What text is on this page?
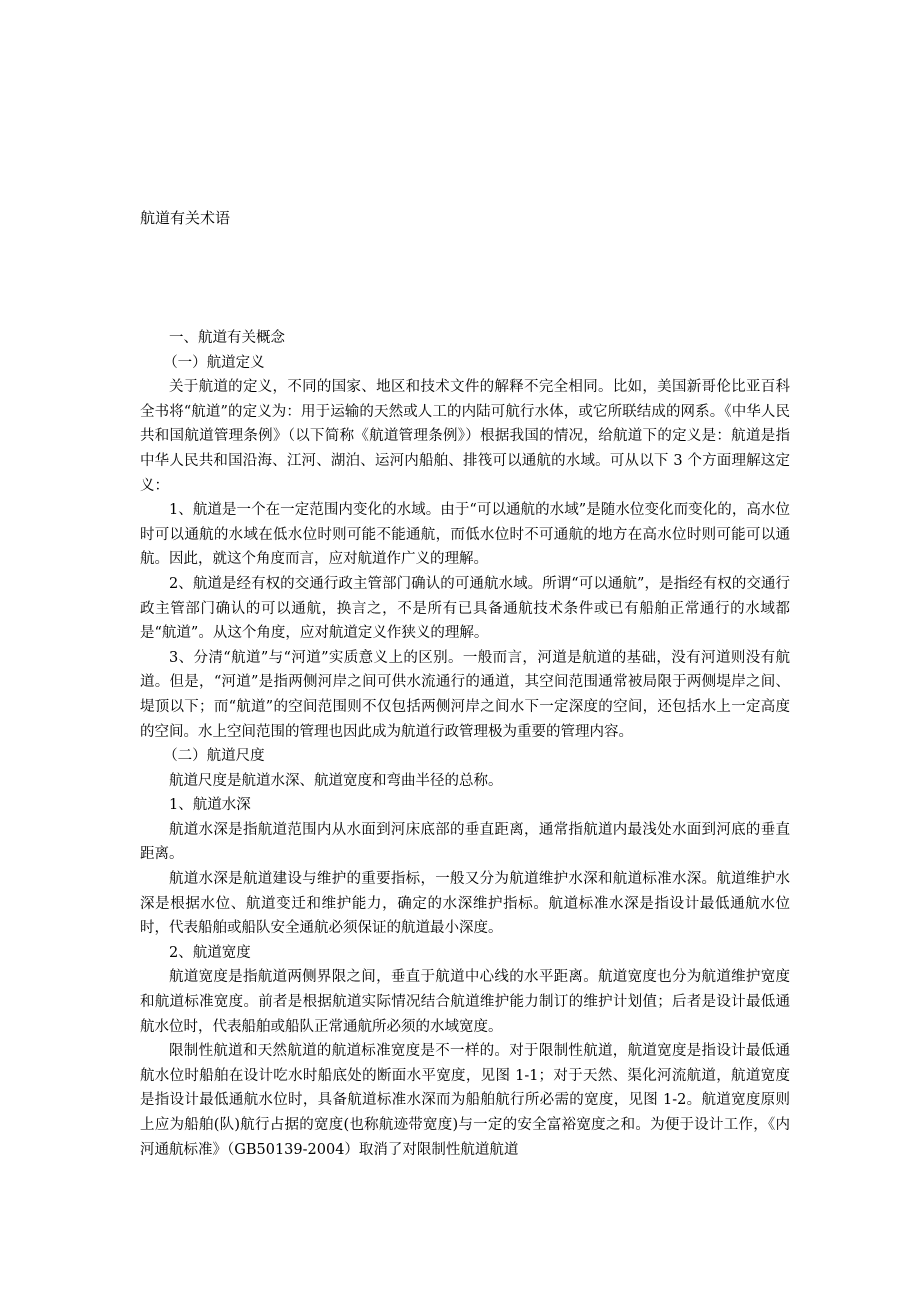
航道有关术语

一、航道有关概念

（一）航道定义

关于航道的定义，不同的国家、地区和技术文件的解释不完全相同。比如，美国新哥伦比亚百科全书将“航道”的定义为：用于运输的天然或人工的内陆可航行水体，或它所联结成的网系。《中华人民共和国航道管理条例》（以下简称《航道管理条例》）根据我国的情况，给航道下的定义是：航道是指中华人民共和国沿海、江河、湖泊、运河内船舶、排筏可以通航的水域。可从以下 3 个方面理解这定义：

1、航道是一个在一定范围内变化的水域。由于“可以通航的水域”是随水位变化而变化的，高水位时可以通航的水域在低水位时则可能不能通航，而低水位时不可通航的地方在高水位时则可能可以通航。因此，就这个角度而言，应对航道作广义的理解。

2、航道是经有权的交通行政主管部门确认的可通航水域。所谓“可以通航”，是指经有权的交通行政主管部门确认的可以通航，换言之，不是所有已具备通航技术条件或已有船舶正常通行的水域都是“航道”。从这个角度，应对航道定义作狭义的理解。

3、分清“航道”与“河道”实质意义上的区别。一般而言，河道是航道的基础，没有河道则没有航道。但是，“河道”是指两侧河岸之间可供水流通行的通道，其空间范围通常被局限于两侧堤岸之间、堤顶以下；而“航道”的空间范围则不仅包括两侧河岸之间水下一定深度的空间，还包括水上一定高度的空间。水上空间范围的管理也因此成为航道行政管理极为重要的管理内容。

（二）航道尺度

航道尺度是航道水深、航道宽度和弯曲半径的总称。

1、航道水深

航道水深是指航道范围内从水面到河床底部的垂直距离，通常指航道内最浅处水面到河底的垂直距离。

航道水深是航道建设与维护的重要指标，一般又分为航道维护水深和航道标准水深。航道维护水深是根据水位、航道变迁和维护能力，确定的水深维护指标。航道标准水深是指设计最低通航水位时，代表船舶或船队安全通航必须保证的航道最小深度。

2、航道宽度

航道宽度是指航道两侧界限之间，垂直于航道中心线的水平距离。航道宽度也分为航道维护宽度和航道标准宽度。前者是根据航道实际情况结合航道维护能力制订的维护计划值；后者是设计最低通航水位时，代表船舶或船队正常通航所必须的水域宽度。

限制性航道和天然航道的航道标准宽度是不一样的。对于限制性航道，航道宽度是指设计最低通航水位时船舶在设计吃水时船底处的断面水平宽度，见图 1-1；对于天然、渠化河流航道，航道宽度是指设计最低通航水位时，具备航道标准水深而为船舶航行所必需的宽度，见图 1-2。航道宽度原则上应为船舶(队)航行占据的宽度(也称航迹带宽度)与一定的安全富裕宽度之和。为便于设计工作，《内河通航标准》（GB50139-2004）取消了对限制性航道航道
